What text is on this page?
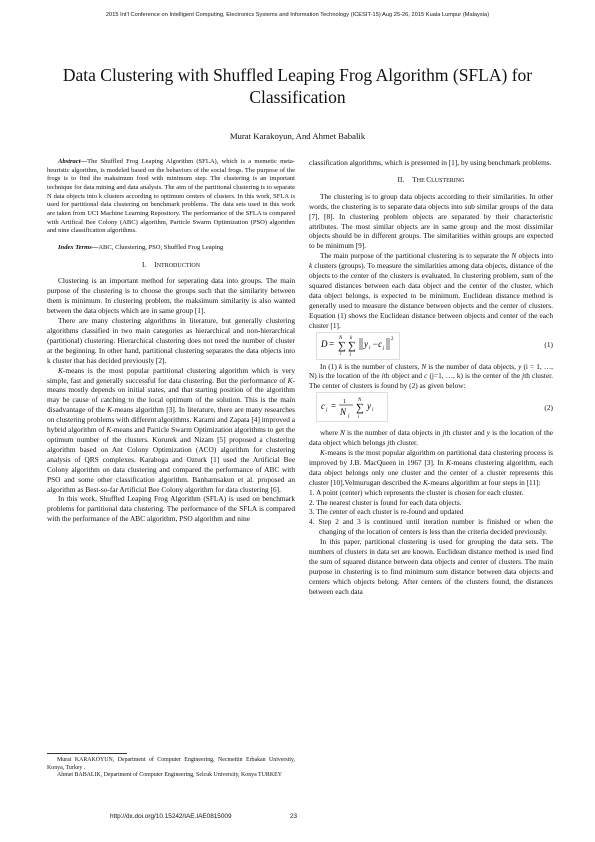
2015 Int'l Conference on Intelligent Computing, Electronics Systems and Information Technology (ICESIT-15) Aug 25-26, 2015 Kuala Lumpur (Malaysia)
Data Clustering with Shuffled Leaping Frog Algorithm (SFLA) for Classification
Murat Karakoyun, And Ahmet Babalik

Abstract—The Shuffled Frog Leaping Algorithm (SFLA), which is a memetic meta-heuristic algorithm, is modeled based on the behaviors of the social frogs. The purpose of the frogs is to find the maksimum food with minimum step. The clustering is an important technique for data mining and data analysis. The aim of the partitional clustering is to separate N data objects into k clusters according to optimum centers of clusters. In this work, SFLA is used for partitional data clustering on benchmark problems. The data sets used in this work are taken from UCI Machine Learning Repository. The performance of the SFLA is compared with Artifical Bee Colony (ABC) algorithm, Particle Swarm Optimization (PSO) algorithm and nine classification algorithms.

Index Terms—ABC, Cluestering, PSO, Shuffled Frog Leaping

I. INTRODUCTION

Clustering is an important method for seperating data into groups. The main purpose of the clustering is to choose the groups such that the similarity between them is minimum. In clustering problem, the maksimum similarity is also wanted between the data objects which are in same group [1].

There are many clustering algorithms in literature, but generally clustering algorithms classified in two main categories as hierarchical and non-hierarchical (partitional) clustering. Hierarchical clustering does not need the number of cluster at the beginning. In other hand, partitional clustering separates the data objects into k cluster that has decided previously [2].

K-means is the most popular partitional clustering algorithm which is very simple, fast and generally successful for data clustering. But the performance of K-means mostly depends on initial states, and that starting position of the algorithm may be cause of catching to the local optimum of the solution. This is the main disadvantage of the K-means algorithm [3]. In literature, there are many researches on clustering problems with different algorithms. Karami and Zapata [4] improved a hybrid algorithm of K-means and Particle Swarm Optimization algorithms to get the optimum number of the clusters. Korurek and Nizam [5] proposed a clustering algorithm based on Ant Colony Optimization (ACO) algorithm for clustering analysis of QRS complexes. Karaboga and Ozturk [1] used the Artificial Bee Colony algorithm on data clustering and compared the performance of ABC with PSO and some other classification algorithm. Banharnsakun et al. proposed an algorithm as Best-so-far Artificial Bee Colony algorithm for data clustering [6].

In this work, Shuffled Leaping Frog Algorithm (SFLA) is used on benchmark problems for partitional data clustering. The performance of the SFLA is compared with the performance of the ABC algorithm, PSO algorithm and nine

Murat KARAKOYUN, Department of Computer Engineering, Necmettin Erbakan University, Konya, Turkey .

Ahmet BABALIK, Department of Computer Engineering, Selcuk University, Konya TURKEY

classification algorithms, which is presented in [1], by using benchmark problems.

II. THE CLUSTERING

The clustering is to group data objects according to their similarities. In other words, the clustering is to separate data objects into sub similar groups of the data [7], [8]. In clustering problem objects are separated by their characteristic attributes. The most similar objects are in same group and the most dissimilar objects should be in different groups. The similarities within groups are expected to be minimum [9].

The main purpose of the partitional clustering is to separate the N objects into k clusters (groups). To measure the similarities among data objects, distance of the objects to the center of the clusters is evaluated. In clustering problem, sum of the squared distances between each data object and the center of the cluster, which data object belongs, is expected to be minimum. Euclidean distance method is generally used to measure the distance between objects and the center of clusters. Equation (1) shows the Euclidean distance between objects and center of the each cluster [1].

D = ∑
N
i
∑
k
j
y i −c j
2
(1)

In (1) k is the number of clusters, N is the number of data objects, y (i = 1, …, N) is the location of the ith object and c (j=1, …, k) is the center of the jth cluster. The center of clusters is found by (2) as given below:

c j = 1
N j
∑
N
i
y i	(2)

where N is the number of data objects in jth cluster and y is the location of the data object which belongs jth cluster.

K-means is the most popular algorithm on partitional data clustering process is improved by J.B. MacQueen in 1967 [3]. In K-means clustering algorithm, each data object belongs only one cluster and the center of a cluster represents this cluster [10].Velmurugan described the K-means algorithm at four steps in [11]:

1. A point (center) which represents the cluster is chosen for each cluster.

2. The nearest cluster is found for each data objects.

3. The center of each cluster is re-found and updated

4. Step 2 and 3 is continued until iteration number is finished or when the changing of the location of centers is less than the criteria decided previously.

In this paper, partitional clustering is used for grouping the data sets. The numbers of clusters in data set are known. Euclidean distance method is used find the sum of squared distance between data objects and center of clusters. The main purpose in clustering is to find minimum sum distance between data objects and centers which objects belong. After centers of the clusters found, the distances between each data

http://dx.doi.org/10.15242/IAE.IAE0815009	23
